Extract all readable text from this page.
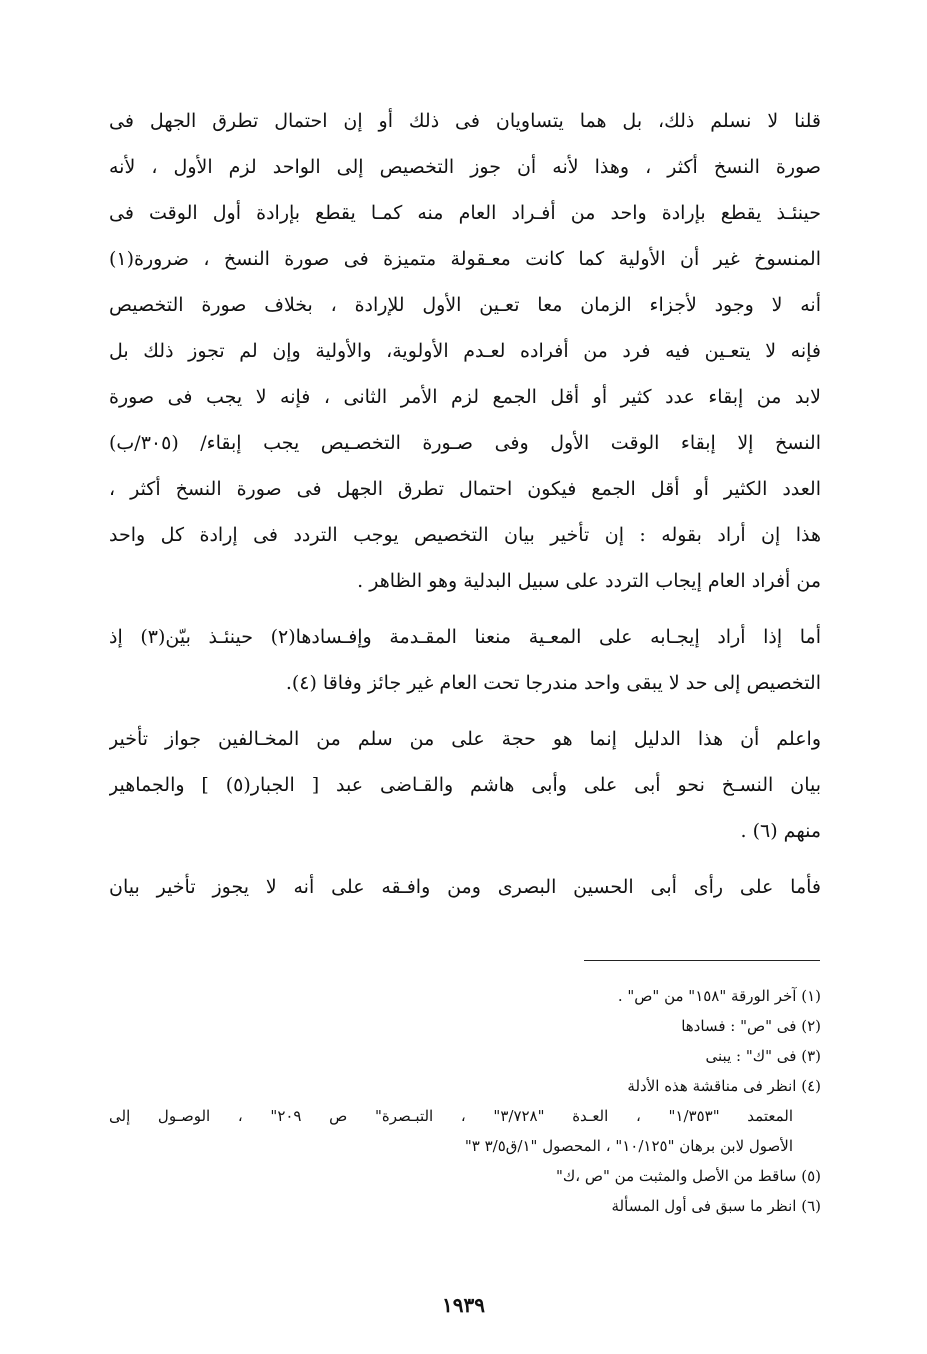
قلنا لا نسلم ذلك، بل هما يتساويان فى ذلك أو إن احتمال تطرق الجهل فى
صورة النسخ أكثر ، وهذا لأنه أن جوز التخصيص إلى الواحد لزم الأول ، لأنه
حينئـذ يقطع بإرادة واحد من أفـراد العام منه كمـا يقطع بإرادة أول الوقت فى
المنسوخ غير أن الأولية كما كانت معـقولة متميزة فى صورة النسخ ، ضرورة(١)
أنه لا وجود لأجزاء الزمان معا تعـين الأول للإرادة ، بخلاف صورة التخصيص
فإنه لا يتعـين فيه فرد من أفراده لعـدم الأولوية، والأولية وإن لم تجوز ذلك بل
لابد من إبقاء عدد كثير أو أقل الجمع لزم الأمر الثانى ، فإنه لا يجب فى صورة
النسخ إلا إبقاء الوقت الأول وفى صـورة التخصـيص يجب إبقاء/ (٣٠٥/ب)
العدد الكثير أو أقل الجمع فيكون احتمال تطرق الجهل فى صورة النسخ أكثر ،
هذا إن أراد بقوله : إن تأخير بيان التخصيص يوجب التردد فى إرادة كل واحد
من أفراد العام إيجاب التردد على سبيل البدلية وهو الظاهر .
أما إذا أراد إيجـابه على المعـية منعنا المقـدمة وإفـسادها(٢) حينئـذ بيّن(٣) إذ
التخصيص إلى حد لا يبقى واحد مندرجا تحت العام غير جائز وفاقا (٤).
واعلم أن هذا الدليل إنما هو حجة على من سلم من المخـالفين جواز تأخير
بيان النسـخ نحو أبى على وأبى هاشم والقـاضى عبد [ الجبار(٥) ] والجماهير
منهم (٦) .
فأما على رأى أبى الحسين البصرى ومن وافـقه على أنه لا يجوز تأخير بيان
(١) آخر الورقة "١٥٨" من "ص" .
(٢) فى "ص" : فسادها
(٣) فى "ك" : يبنى
(٤) انظر فى مناقشة هذه الأدلة
المعتمد "١/٣٥٣" ، العـدة "٣/٧٢٨" ، التبـصرة" ص ٢٠٩" ، الوصـول إلى
الأصول لابن برهان "١٠/١٢٥" ، المحصول "١/ق٣/٥ ٣"
(٥) ساقط من الأصل والمثبت من "ص ،ك"
(٦) انظر ما سبق فى أول المسألة
١٩٣٩
